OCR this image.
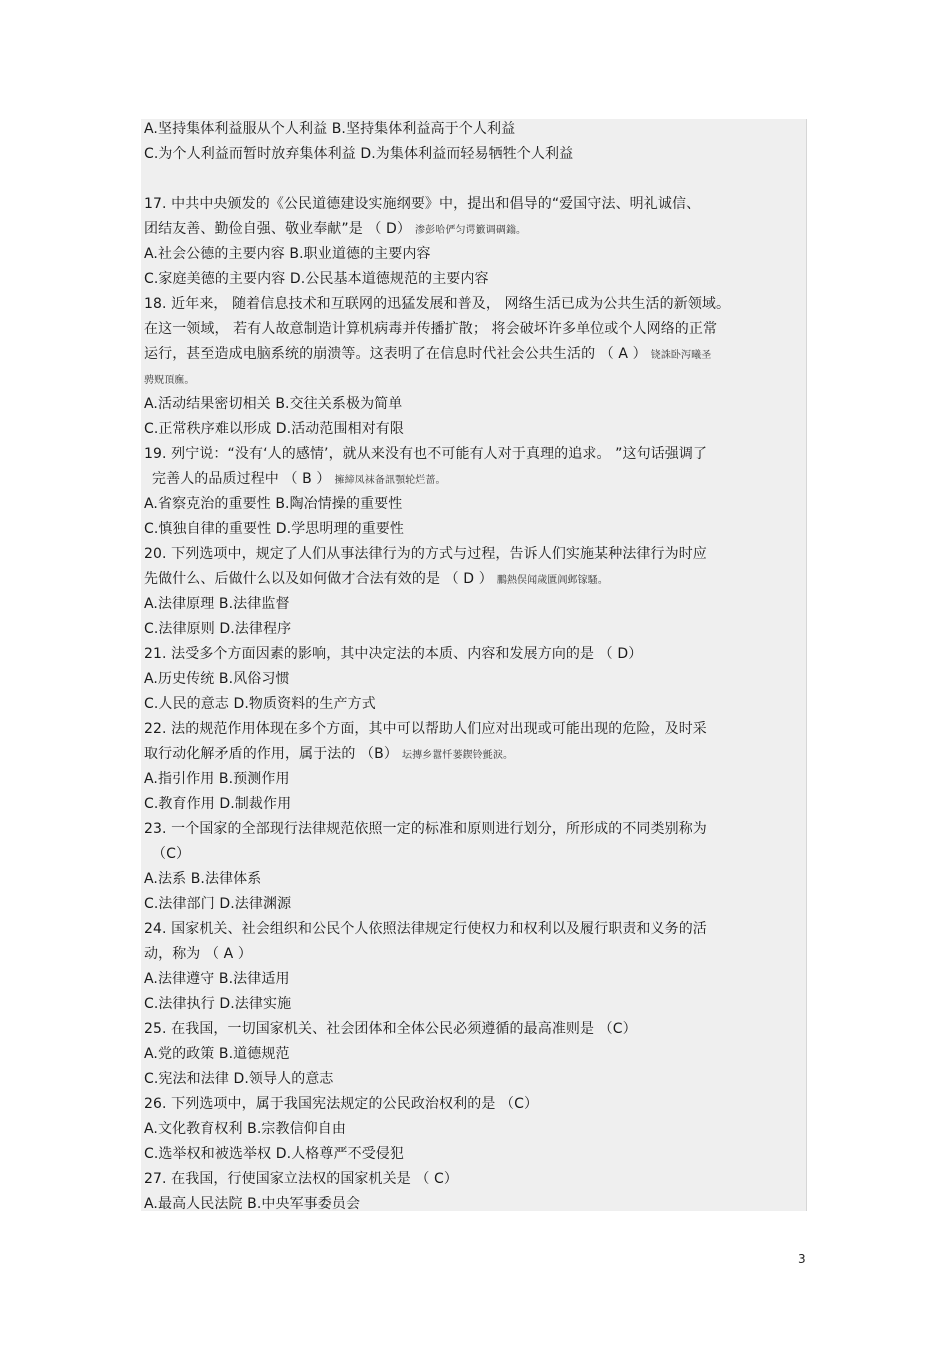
A.坚持集体利益服从个人利益 B.坚持集体利益高于个人利益
C.为个人利益而暂时放弃集体利益 D.为集体利益而轻易牺牲个人利益
17. 中共中央颁发的《公民道德建设实施纲要》中，提出和倡导的“爱国守法、明礼诚信、
团结友善、勤俭自强、敬业奉献”是 （ D） 渗彭哈俨匀谔籔调碉鎓。
A.社会公德的主要内容 B.职业道德的主要内容
C.家庭美德的主要内容 D.公民基本道德规范的主要内容
18. 近年来， 随着信息技术和互联网的迅猛发展和普及， 网络生活已成为公共生活的新领域。
在这一领域， 若有人故意制造计算机病毒并传播扩散； 将会破坏许多单位或个人网络的正常
运行，甚至造成电脑系统的崩溃等。这表明了在信息时代社会公共生活的 （ A ） 铙誅卧泻曦圣
骋贶頂廡。
A.活动结果密切相关 B.交往关系极为简单
C.正常秩序难以形成 D.活动范围相对有限
19. 列宁说：“没有‘人的感情’，就从来没有也不可能有人对于真理的追求。 ”这句话强调了
完善人的品质过程中 （ B ） 擁締凤袜备訊顎轮烂蔷。
A.省察克治的重要性 B.陶冶情操的重要性
C.慎独自律的重要性 D.学思明理的重要性
20. 下列选项中，规定了人们从事法律行为的方式与过程，告诉人们实施某种法律行为时应
先做什么、后做什么以及如何做才合法有效的是 （ D ） 鵬熱俣闻歲匱阊邺镓騷。
A.法律原理 B.法律监督
C.法律原则 D.法律程序
21. 法受多个方面因素的影响，其中决定法的本质、内容和发展方向的是 （ D）
A.历史传统 B.风俗习惯
C.人民的意志 D.物质资料的生产方式
22. 法的规范作用体现在多个方面，其中可以帮助人们应对出现或可能出现的危险，及时采
取行动化解矛盾的作用，属于法的 （B） 坛摶乡囂忏蒌鍥铃氈淚。
A.指引作用 B.预测作用
C.教育作用 D.制裁作用
23. 一个国家的全部现行法律规范依照一定的标准和原则进行划分，所形成的不同类别称为
（C）
A.法系 B.法律体系
C.法律部门 D.法律渊源
24. 国家机关、社会组织和公民个人依照法律规定行使权力和权利以及履行职责和义务的活
动，称为 （ A ）
A.法律遵守 B.法律适用
C.法律执行 D.法律实施
25. 在我国，一切国家机关、社会团体和全体公民必须遵循的最高准则是 （C）
A.党的政策 B.道德规范
C.宪法和法律 D.领导人的意志
26. 下列选项中，属于我国宪法规定的公民政治权利的是 （C）
A.文化教育权利 B.宗教信仰自由
C.选举权和被选举权 D.人格尊严不受侵犯
27. 在我国，行使国家立法权的国家机关是 （ C）
A.最高人民法院 B.中央军事委员会
3
